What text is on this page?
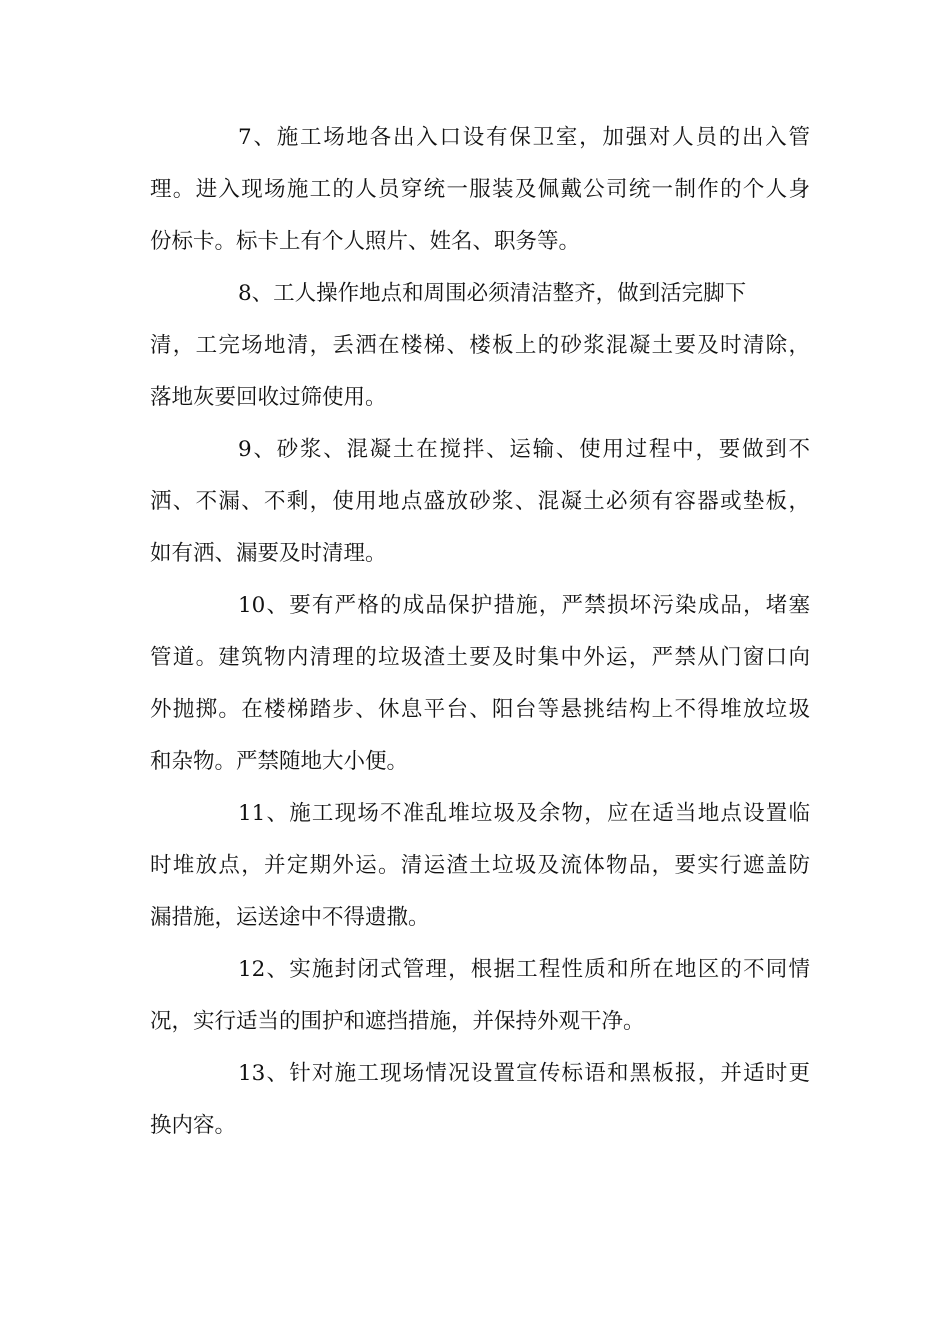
7、施工场地各出入口设有保卫室，加强对人员的出入管
理。进入现场施工的人员穿统一服装及佩戴公司统一制作的个人身
份标卡。标卡上有个人照片、姓名、职务等。
8、工人操作地点和周围必须清洁整齐，做到活完脚下
清，工完场地清，丢洒在楼梯、楼板上的砂浆混凝土要及时清除，
落地灰要回收过筛使用。
9、砂浆、混凝土在搅拌、运输、使用过程中，要做到不
洒、不漏、不剩，使用地点盛放砂浆、混凝土必须有容器或垫板，
如有洒、漏要及时清理。
10、要有严格的成品保护措施，严禁损坏污染成品，堵塞
管道。建筑物内清理的垃圾渣土要及时集中外运，严禁从门窗口向
外抛掷。在楼梯踏步、休息平台、阳台等悬挑结构上不得堆放垃圾
和杂物。严禁随地大小便。
11、施工现场不准乱堆垃圾及余物，应在适当地点设置临
时堆放点，并定期外运。清运渣土垃圾及流体物品，要实行遮盖防
漏措施，运送途中不得遗撒。
12、实施封闭式管理，根据工程性质和所在地区的不同情
况，实行适当的围护和遮挡措施，并保持外观干净。
13、针对施工现场情况设置宣传标语和黑板报，并适时更
换内容。
